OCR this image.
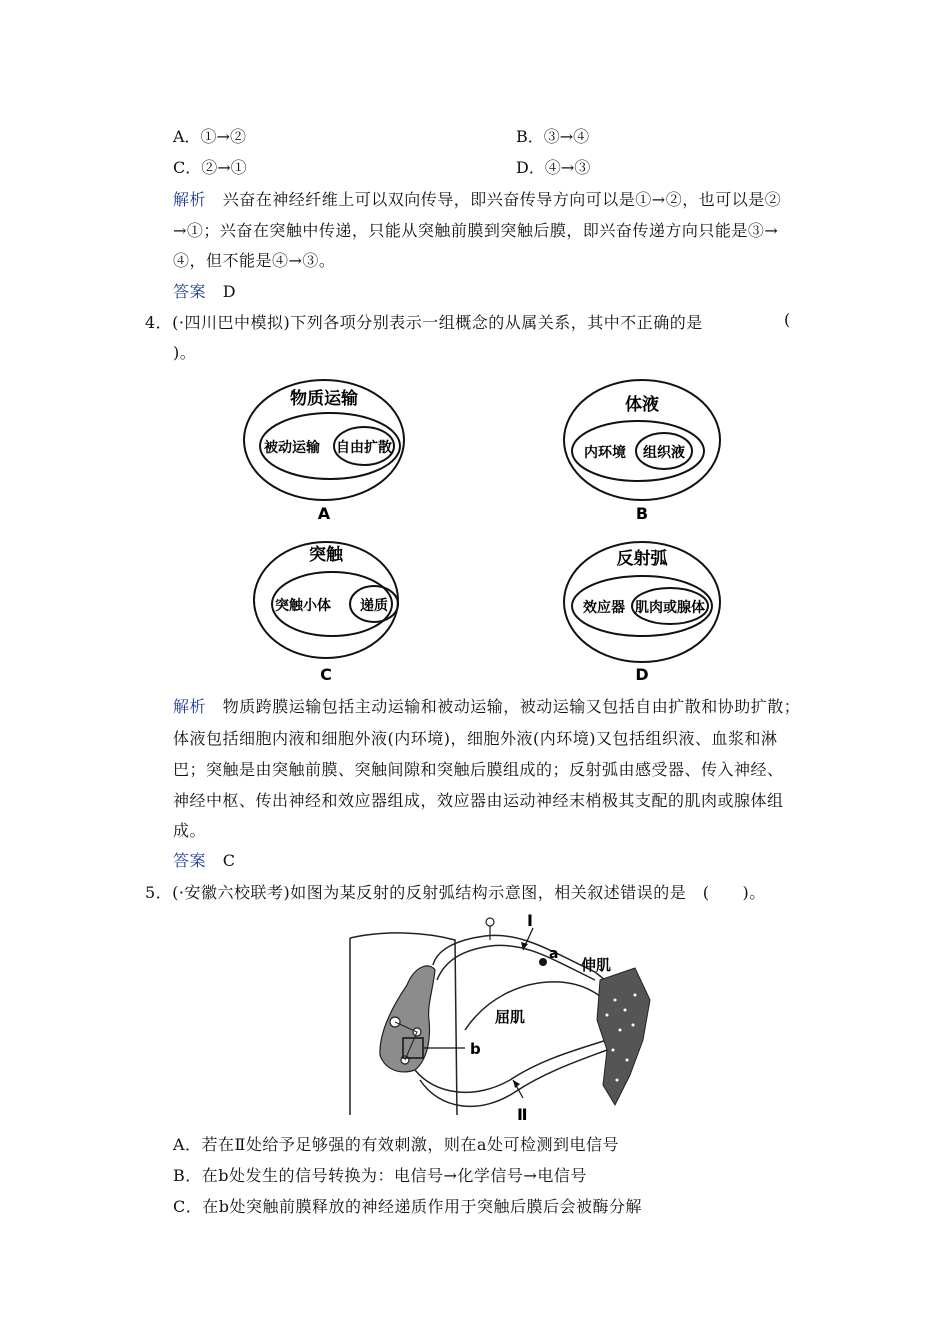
A．①→②	B．③→④
C．②→①	D．④→③
解析 兴奋在神经纤维上可以双向传导，即兴奋传导方向可以是①→②，也可以是②
→①；兴奋在突触中传递，只能从突触前膜到突触后膜，即兴奋传递方向只能是③→
④，但不能是④→③。
答案 D
4．(·四川巴中模拟)下列各项分别表示一组概念的从属关系，其中不正确的是	(
)。
物质运输
被动运输 自由扩散
A
体液
内环境 组织液
B
突触
突触小体 递质
C
反射弧
效应器 肌肉或腺体
D
解析 物质跨膜运输包括主动运输和被动运输，被动运输又包括自由扩散和协助扩散；
体液包括细胞内液和细胞外液(内环境)，细胞外液(内环境)又包括组织液、血浆和淋
巴；突触是由突触前膜、突触间隙和突触后膜组成的；反射弧由感受器、传入神经、
神经中枢、传出神经和效应器组成，效应器由运动神经末梢极其支配的肌肉或腺体组
成。
答案 C
5．(·安徽六校联考)如图为某反射的反射弧结构示意图，相关叙述错误的是　(　　)。
b
a
Ⅰ
Ⅱ
屈肌
伸肌
A．若在Ⅱ处给予足够强的有效刺激，则在a处可检测到电信号
B．在b处发生的信号转换为：电信号→化学信号→电信号
C．在b处突触前膜释放的神经递质作用于突触后膜后会被酶分解
